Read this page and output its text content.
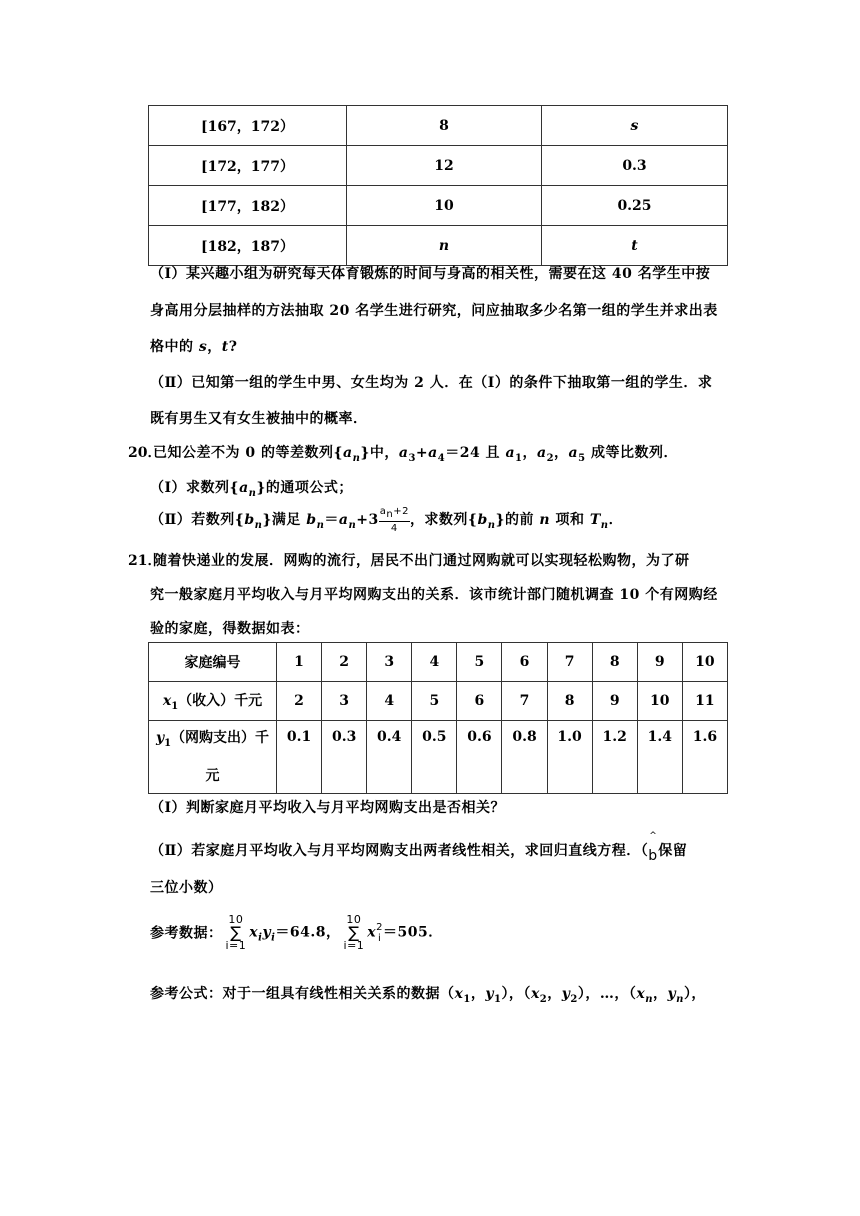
[167，172）	8	s
[172，177）	12	0.3
[177，182）	10	0.25
[182，187）	n	t
（Ⅰ）某兴趣小组为研究每天体育锻炼的时间与身高的相关性，需要在这 40 名学生中按
身高用分层抽样的方法抽取 20 名学生进行研究，问应抽取多少名第一组的学生并求出表
格中的 s，t?
（Ⅱ）已知第一组的学生中男、女生均为 2 人．在（Ⅰ）的条件下抽取第一组的学生．求
既有男生又有女生被抽中的概率．
20．
已知公差不为 0 的等差数列$\{a_n\}$中，$a_3+a_4=24$ 且 $a_1$，$a_2$，$a_5$ 成等比数列．
（Ⅰ）求数列$\{a_n\}$的通项公式；
（Ⅱ）若数列$\{b_n\}$满足 $b_n=a_n+3 \frac{a_n+2}{4}$ ，求数列$\{b_n\}$的前 n 项和 $T_n$．
21．
随着快递业的发展．网购的流行，居民不出门通过网购就可以实现轻松购物，为了研
究一般家庭月平均收入与月平均网购支出的关系．该市统计部门随机调查 10 个有网购经
验的家庭，得数据如表：
家庭编号	1	2	3	4	5	6	7	8	9	10
$x_1$（收入）千元	2	3	4	5	6	7	8	9	10	11
$y_1$（网购支出）千
元	0.1	0.3	0.4	0.5	0.6	0.8	1.0	1.2	1.4	1.6
（Ⅰ）判断家庭月平均收入与月平均网购支出是否相关？
（Ⅱ）若家庭月平均收入与月平均网购支出两者线性相关，求回归直线方程．（
^
b保留
三位小数）
参考数据：
10
∑
i=1
$x_iy_i=64.8$，
10
∑
i=1
x 2
i ＝505．
参考公式：对于一组具有线性相关关系的数据（$x_1$，$y_1$），（$x_2$，$y_2$），…，（$x_n$，$y_n$），
